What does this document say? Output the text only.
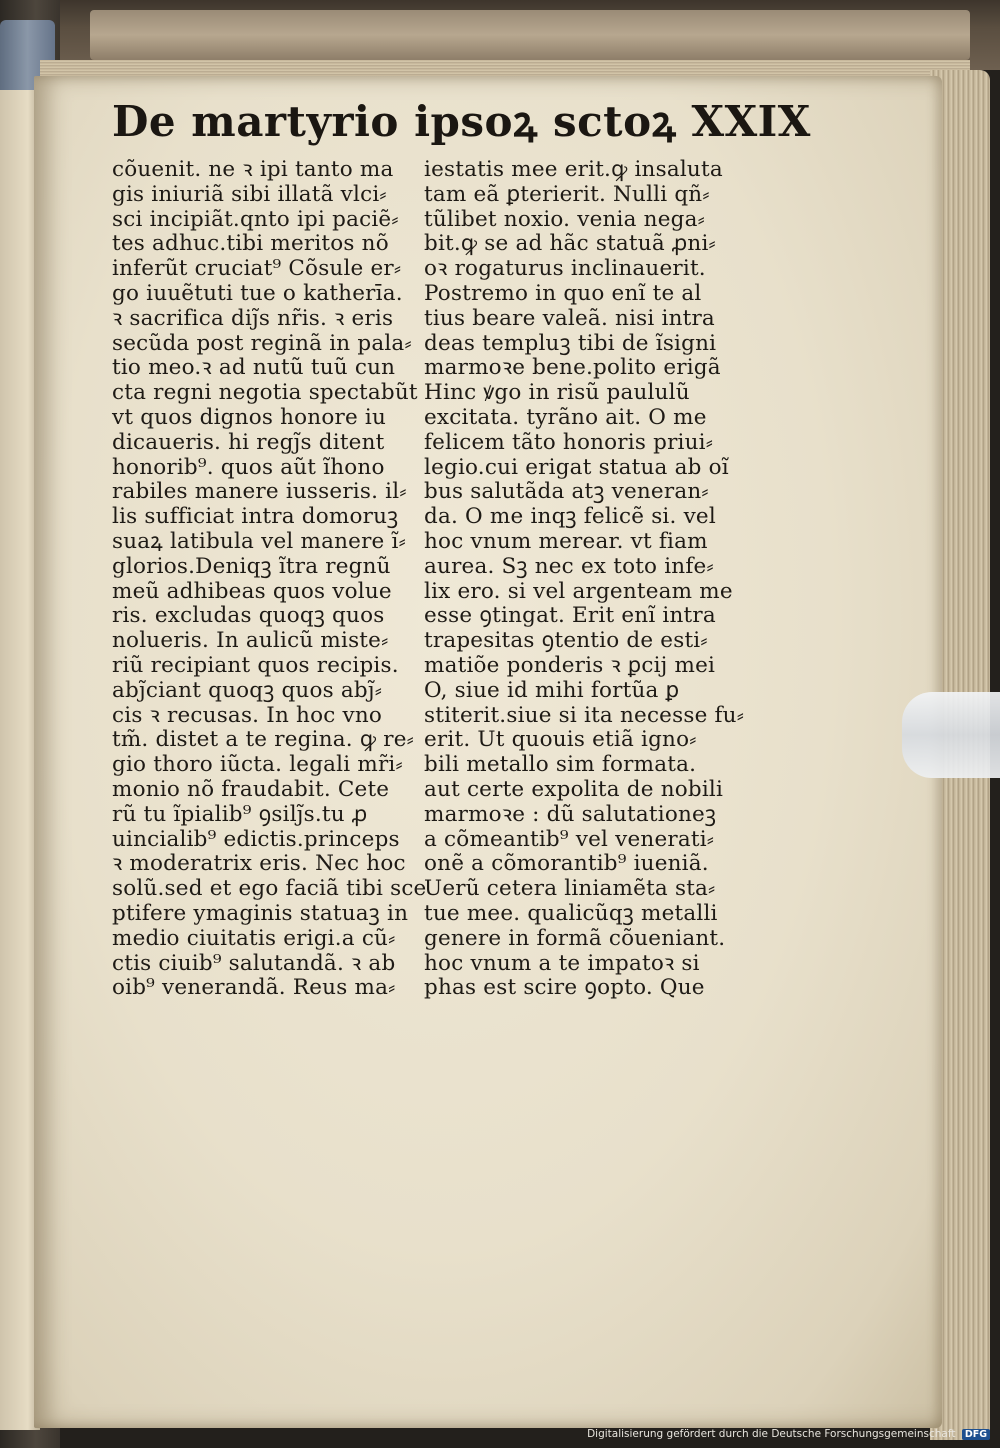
De martyrio ipsoꝝ sctoꝝ XXIX
cõuenit. ne ꝛ ipi tanto ma
gis iniuriã sibi illatã vlci⸗
sci incipiãt.qnto ipi paciẽ⸗
tes adhuc.tibi meritos nõ
inferũt cruciat⁹ Cõsule er⸗
go iuuẽtuti tue o katherīa.
ꝛ sacrifica diȷ̃s nr̃is. ꝛ eris
secũda post reginã in pala⸗
tio meo.ꝛ ad nutũ tuũ cun
cta regni negotia spectabũt
vt quos dignos honore iu
dicaueris. hi regȷ̃s ditent
honorib⁹. quos aũt ĩhono
rabiles manere iusseris. il⸗
lis sufficiat intra domoruꝫ
suaꝝ latibula vel manere ĩ⸗
glorios.Deniqꝫ ĩtra regnũ
meũ adhibeas quos volue
ris. excludas quoqꝫ quos
nolueris. In aulicũ miste⸗
riũ recipiant quos recipis.
abȷ̃ciant quoqꝫ quos abȷ̃⸗
cis ꝛ recusas. In hoc vno
tm̃. distet a te regina. ꝙ re⸗
gio thoro iũcta. legali mr̃i⸗
monio nõ fraudabit. Cete
rũ tu ĩpialib⁹ ꝯsilȷ̃s.tu ꝓ
uincialib⁹ edictis.princeps
ꝛ moderatrix eris. Nec hoc
solũ.sed et ego faciã tibi sce
ptifere ymaginis statuaꝫ in
medio ciuitatis erigi.a cũ⸗
ctis ciuib⁹ salutandã. ꝛ ab
oib⁹ venerandã. Reus ma⸗
iestatis mee erit.ꝙ insaluta
tam eã ꝑterierit. Nulli qñ⸗
tũlibet noxio. venia nega⸗
bit.ꝙ se ad hãc statuã ꝓni⸗
oꝛ rogaturus inclinauerit.
Postremo in quo enĩ te al
tius beare valeã. nisi intra
deas templuꝫ tibi de ĩsigni
marmoꝛe bene.polito erigã
Hinc ꝟgo in risũ paululũ
excitata. tyrãno ait. O me
felicem tãto honoris priui⸗
legio.cui erigat statua ab oĩ
bus salutãda atꝫ veneran⸗
da. O me inqꝫ felicẽ si. vel
hoc vnum merear. vt fiam
aurea. Sꝫ nec ex toto infe⸗
lix ero. si vel argenteam me
esse ꝯtingat. Erit enĩ intra
trapesitas ꝯtentio de esti⸗
matiõe ponderis ꝛ ꝑcij mei
O, siue id mihi fortũa ꝑ
stiterit.siue si ita necesse fu⸗
erit. Ut quouis etiã igno⸗
bili metallo sim formata.
aut certe expolita de nobili
marmoꝛe : dũ salutationeꝫ
a cõmeantib⁹ vel venerati⸗
onẽ a cõmorantib⁹ iueniã.
Uerũ cetera liniamẽta sta⸗
tue mee. qualicũqꝫ metalli
genere in formã cõueniant.
hoc vnum a te impatoꝛ si
phas est scire ꝯopto. Que
Digitalisierung gefördert durch die Deutsche Forschungsgemeinschaft DFG
